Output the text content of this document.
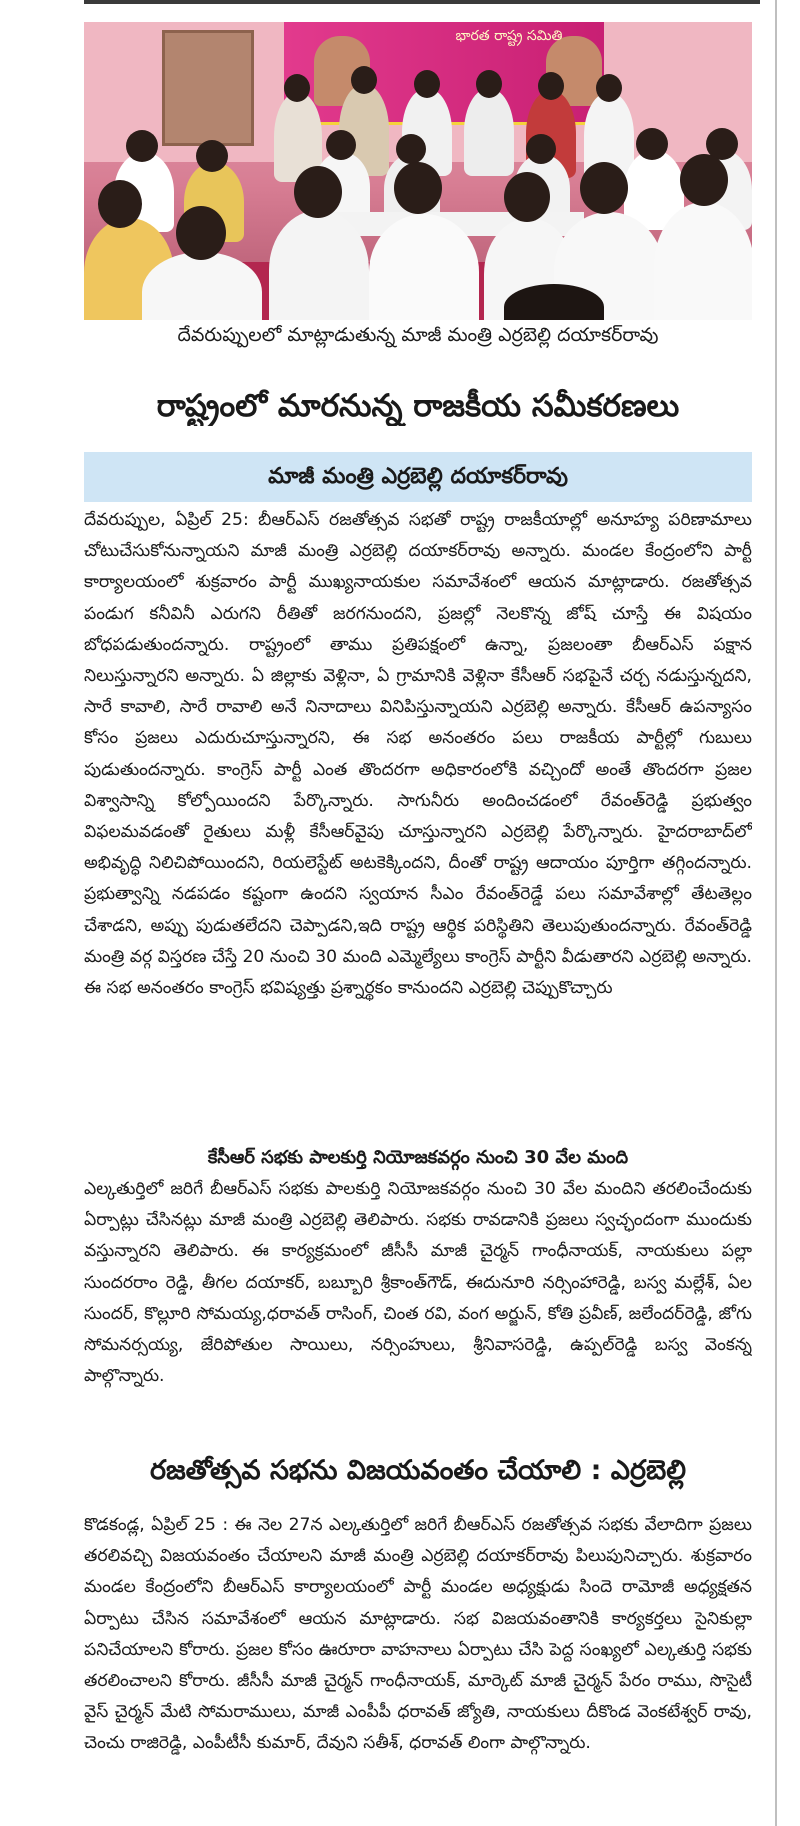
భారత రాష్ట్ర సమితి
దేవరుప్పులలో మాట్లాడుతున్న మాజీ మంత్రి ఎర్రబెల్లి దయాకర్‌రావు
రాష్ట్రంలో మారనున్న రాజకీయ సమీకరణలు
మాజీ మంత్రి ఎర్రబెల్లి దయాకర్‌రావు

దేవరుప్పుల, ఏప్రిల్ 25: బీఆర్ఎస్ రజతోత్సవ సభతో రాష్ట్ర రాజకీయాల్లో అనూహ్య పరిణామాలు చోటుచేసుకోనున్నాయని మాజీ మంత్రి ఎర్రబెల్లి దయాకర్‌రావు అన్నారు. మండల కేంద్రంలోని పార్టీ కార్యాలయంలో శుక్రవారం పార్టీ ముఖ్యనాయకుల సమావేశంలో ఆయన మాట్లాడారు. రజతోత్సవ పండుగ కనీవినీ ఎరుగని రీతితో జరగనుందని, ప్రజల్లో నెలకొన్న జోష్ చూస్తే ఈ విషయం బోధపడుతుందన్నారు. రాష్ట్రంలో తాము ప్రతిపక్షంలో ఉన్నా, ప్రజలంతా బీఆర్ఎస్ పక్షాన నిలుస్తున్నారని అన్నారు. ఏ జిల్లాకు వెళ్లినా, ఏ గ్రామానికి వెళ్లినా కేసీఆర్ సభపైనే చర్చ నడుస్తున్నదని, సారే కావాలి, సారే రావాలి అనే నినాదాలు వినిపిస్తున్నాయని ఎర్రబెల్లి అన్నారు. కేసీఆర్ ఉపన్యాసం కోసం ప్రజలు ఎదురుచూస్తున్నారని, ఈ సభ అనంతరం పలు రాజకీయ పార్టీల్లో గుబులు పుడుతుందన్నారు. కాంగ్రెస్ పార్టీ ఎంత తొందరగా అధికారంలోకి వచ్చిందో అంతే తొందరగా ప్రజల విశ్వాసాన్ని కోల్పోయిందని పేర్కొన్నారు. సాగునీరు అందించడంలో రేవంత్‌రెడ్డి ప్రభుత్వం విఫలమవడంతో రైతులు మళ్లీ కేసీఆర్‌వైపు చూస్తున్నారని ఎర్రబెల్లి పేర్కొన్నారు. హైదరాబాద్‌లో అభివృద్ధి నిలిచిపోయిందని, రియలెస్టేట్ అటకెక్కిందని, దీంతో రాష్ట్ర ఆదాయం పూర్తిగా తగ్గిందన్నారు. ప్రభుత్వాన్ని నడపడం కష్టంగా ఉందని స్వయాన సీఎం రేవంత్‌రెడ్డే పలు సమావేశాల్లో తేటతెల్లం చేశాడని, అప్పు పుడుతలేదని చెప్పాడని,ఇది రాష్ట్ర ఆర్థిక పరిస్థితిని తెలుపుతుందన్నారు. రేవంత్‌రెడ్డి మంత్రి వర్గ విస్తరణ చేస్తే 20 నుంచి 30 మంది ఎమ్మెల్యేలు కాంగ్రెస్ పార్టీని వీడుతారని ఎర్రబెల్లి అన్నారు. ఈ సభ అనంతరం కాంగ్రెస్ భవిష్యత్తు ప్రశ్నార్థకం కానుందని ఎర్రబెల్లి చెప్పుకొచ్చారు

కేసీఆర్ సభకు పాలకుర్తి నియోజకవర్గం నుంచి 30 వేల మంది

ఎల్కతుర్తిలో జరిగే బీఆర్ఎస్ సభకు పాలకుర్తి నియోజకవర్గం నుంచి 30 వేల మందిని తరలించేందుకు ఏర్పాట్లు చేసినట్లు మాజీ మంత్రి ఎర్రబెల్లి తెలిపారు. సభకు రావడానికి ప్రజలు స్వచ్ఛందంగా ముందుకు వస్తున్నారని తెలిపారు. ఈ కార్యక్రమంలో జీసీసీ మాజీ చైర్మన్ గాంధీనాయక్, నాయకులు పల్లా సుందరరాం రెడ్డి, తీగల దయాకర్, బబ్బూరి శ్రీకాంత్‌గౌడ్, ఈదునూరి నర్సింహారెడ్డి, బస్వ మల్లేశ్, ఏల సుందర్, కొల్లూరి సోమయ్య,ధరావత్ రాసింగ్, చింత రవి, వంగ అర్జున్, కోతి ప్రవీణ్, జలేందర్‌రెడ్డి, జోగు సోమనర్సయ్య, జేరిపోతుల సాయిలు, నర్సింహులు, శ్రీనివాసరెడ్డి, ఉప్పల్‌రెడ్డి బస్వ వెంకన్న పాల్గొన్నారు.

రజతోత్సవ సభను విజయవంతం చేయాలి : ఎర్రబెల్లి

కొడకండ్ల, ఏప్రిల్ 25 : ఈ నెల 27న ఎల్కతుర్తిలో జరిగే బీఆర్ఎస్ రజతోత్సవ సభకు వేలాదిగా ప్రజలు తరలివచ్చి విజయవంతం చేయాలని మాజీ మంత్రి ఎర్రబెల్లి దయాకర్‌రావు పిలుపునిచ్చారు. శుక్రవారం మండల కేంద్రంలోని బీఆర్ఎస్ కార్యాలయంలో పార్టీ మండల అధ్యక్షుడు సిందె రామోజీ అధ్యక్షతన ఏర్పాటు చేసిన సమావేశంలో ఆయన మాట్లాడారు. సభ విజయవంతానికి కార్యకర్తలు సైనికుల్లా పనిచేయాలని కోరారు. ప్రజల కోసం ఊరూరా వాహనాలు ఏర్పాటు చేసి పెద్ద సంఖ్యలో ఎల్కతుర్తి సభకు తరలించాలని కోరారు. జీసీసీ మాజీ చైర్మన్ గాంధీనాయక్, మార్కెట్ మాజీ చైర్మన్ పేరం రాము, సొసైటీ వైస్ చైర్మన్ మేటి సోమరాములు, మాజీ ఎంపీపీ ధరావత్ జ్యోతి, నాయకులు దీకొండ వెంకటేశ్వర్ రావు, చెంచు రాజిరెడ్డి, ఎంపీటీసీ కుమార్, దేవుని సతీశ్, ధరావత్ లింగా పాల్గొన్నారు.
